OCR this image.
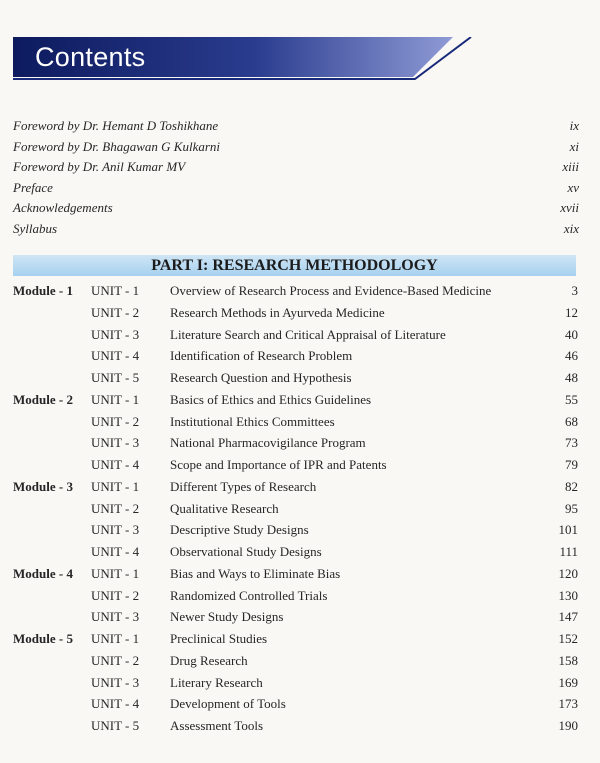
Contents
Foreword by Dr. Hemant D Toshikhane	ix
Foreword by Dr. Bhagawan G Kulkarni	xi
Foreword by Dr. Anil Kumar MV	xiii
Preface	xv
Acknowledgements	xvii
Syllabus	xix
PART I: RESEARCH METHODOLOGY
Module - 1	UNIT - 1	Overview of Research Process and Evidence-Based Medicine	3
UNIT - 2	Research Methods in Ayurveda Medicine	12
UNIT - 3	Literature Search and Critical Appraisal of Literature	40
UNIT - 4	Identification of Research Problem	46
UNIT - 5	Research Question and Hypothesis	48
Module - 2	UNIT - 1	Basics of Ethics and Ethics Guidelines	55
UNIT - 2	Institutional Ethics Committees	68
UNIT - 3	National Pharmacovigilance Program	73
UNIT - 4	Scope and Importance of IPR and Patents	79
Module - 3	UNIT - 1	Different Types of Research	82
UNIT - 2	Qualitative Research	95
UNIT - 3	Descriptive Study Designs	101
UNIT - 4	Observational Study Designs	111
Module - 4	UNIT - 1	Bias and Ways to Eliminate Bias	120
UNIT - 2	Randomized Controlled Trials	130
UNIT - 3	Newer Study Designs	147
Module - 5	UNIT - 1	Preclinical Studies	152
UNIT - 2	Drug Research	158
UNIT - 3	Literary Research	169
UNIT - 4	Development of Tools	173
UNIT - 5	Assessment Tools	190
